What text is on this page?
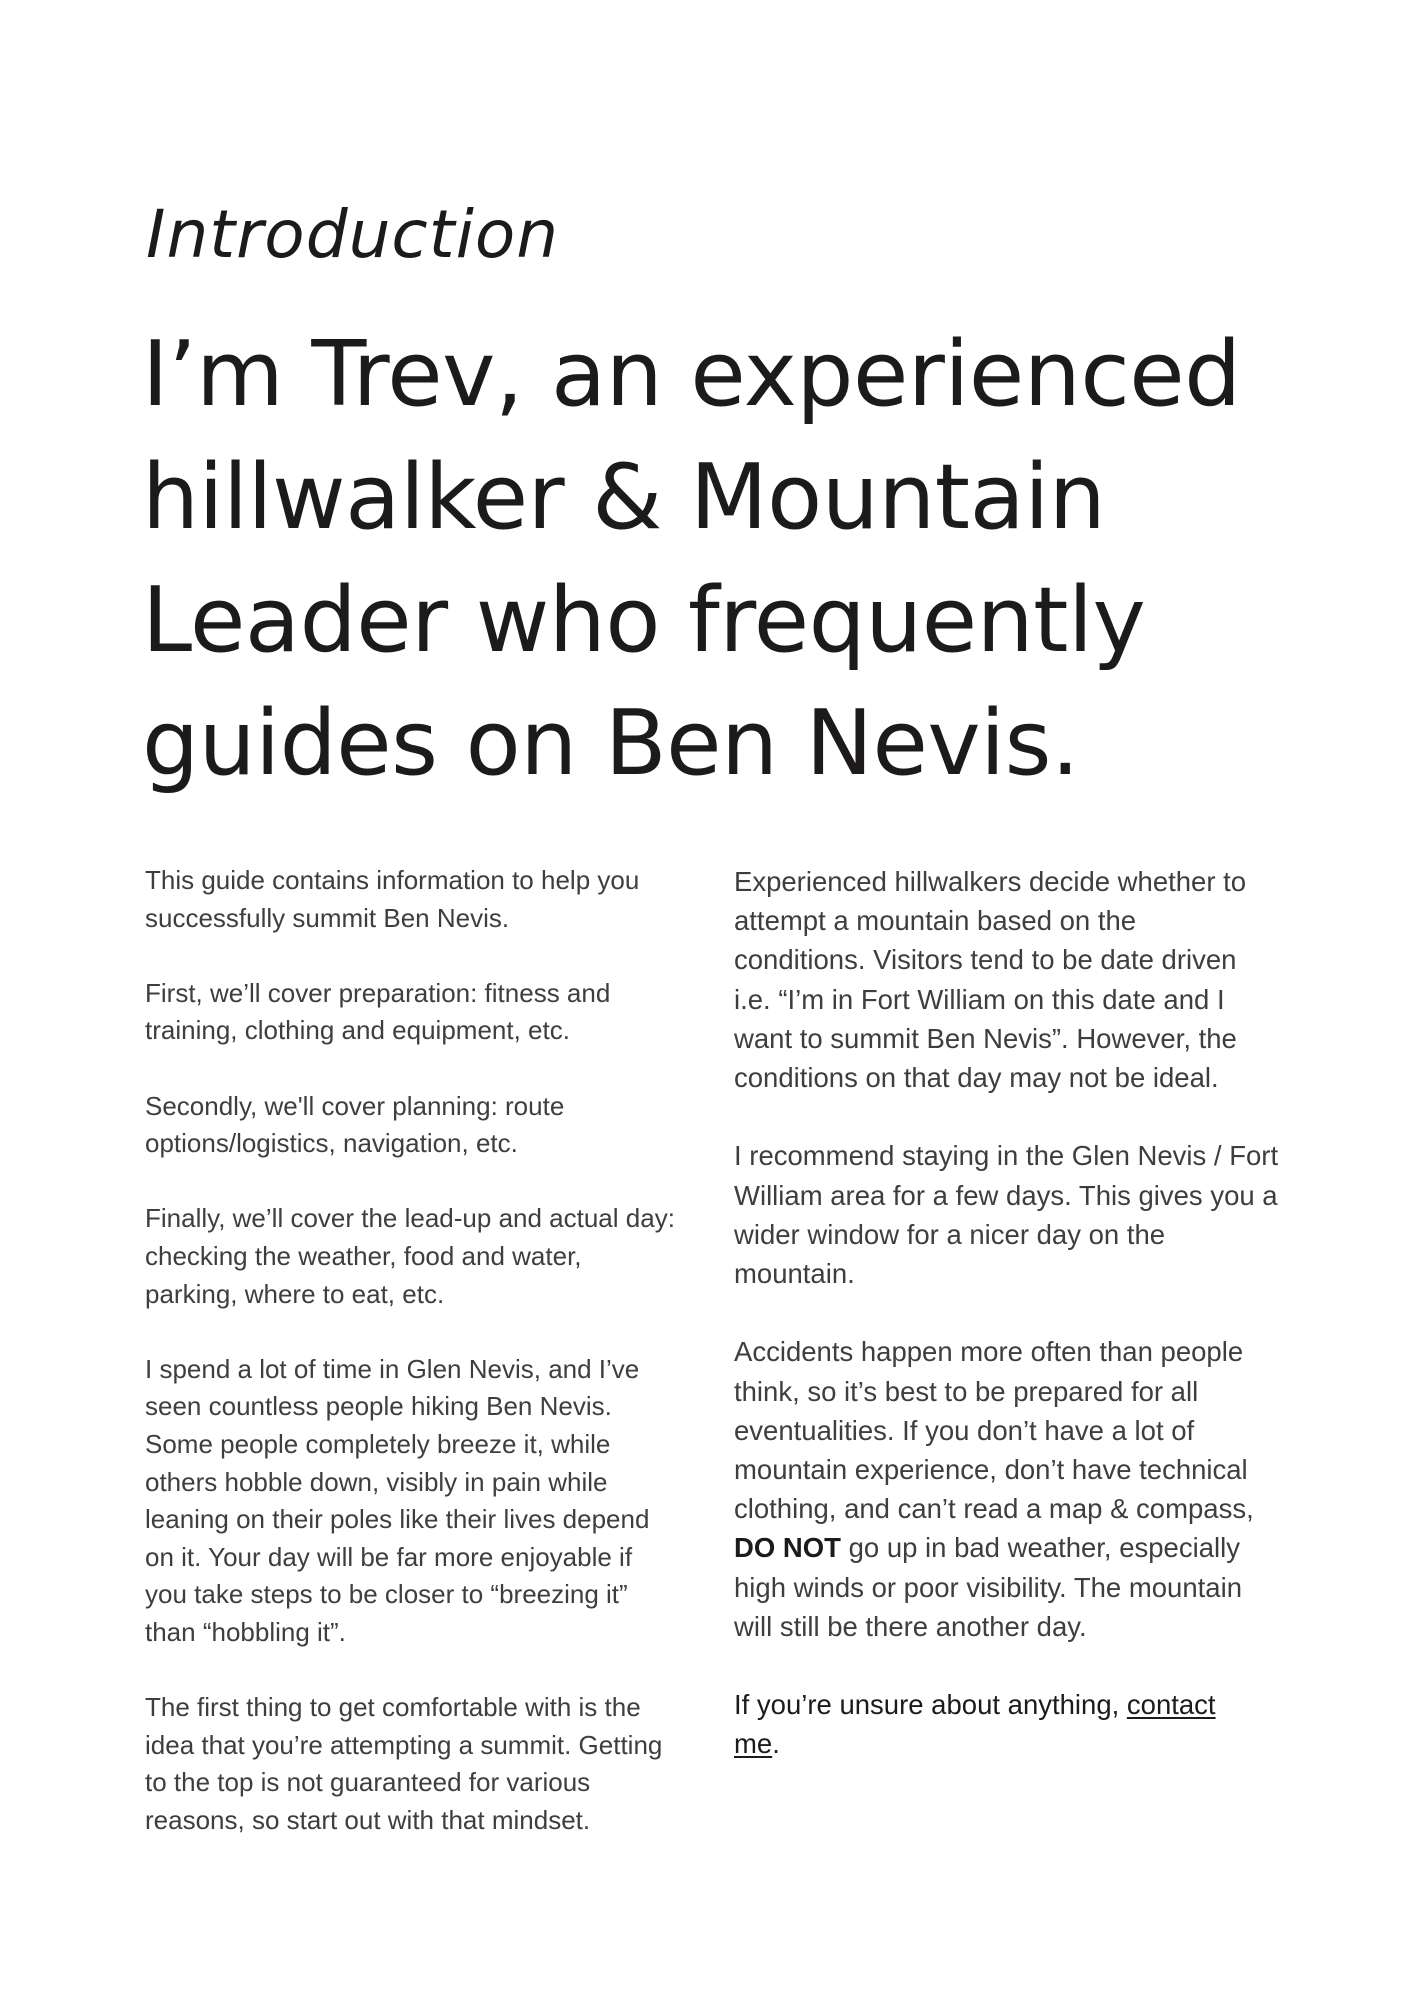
Introduction
I’m Trev, an experienced
hillwalker & Mountain
Leader who frequently
guides on Ben Nevis.

This guide contains information to help you
successfully summit Ben Nevis.

First, we’ll cover preparation: fitness and
training, clothing and equipment, etc.

Secondly, we'll cover planning: route
options/logistics, navigation, etc.

Finally, we’ll cover the lead-up and actual day:
checking the weather, food and water,
parking, where to eat, etc.

I spend a lot of time in Glen Nevis, and I’ve
seen countless people hiking Ben Nevis.
Some people completely breeze it, while
others hobble down, visibly in pain while
leaning on their poles like their lives depend
on it. Your day will be far more enjoyable if
you take steps to be closer to “breezing it”
than “hobbling it”.

The first thing to get comfortable with is the
idea that you’re attempting a summit. Getting
to the top is not guaranteed for various
reasons, so start out with that mindset.

Experienced hillwalkers decide whether to
attempt a mountain based on the
conditions. Visitors tend to be date driven
i.e. “I’m in Fort William on this date and I
want to summit Ben Nevis”. However, the
conditions on that day may not be ideal.

I recommend staying in the Glen Nevis / Fort
William area for a few days. This gives you a
wider window for a nicer day on the
mountain.

Accidents happen more often than people
think, so it’s best to be prepared for all
eventualities. If you don’t have a lot of
mountain experience, don’t have technical
clothing, and can’t read a map & compass,
DO NOT go up in bad weather, especially
high winds or poor visibility. The mountain
will still be there another day.

If you’re unsure about anything, contact
me.
